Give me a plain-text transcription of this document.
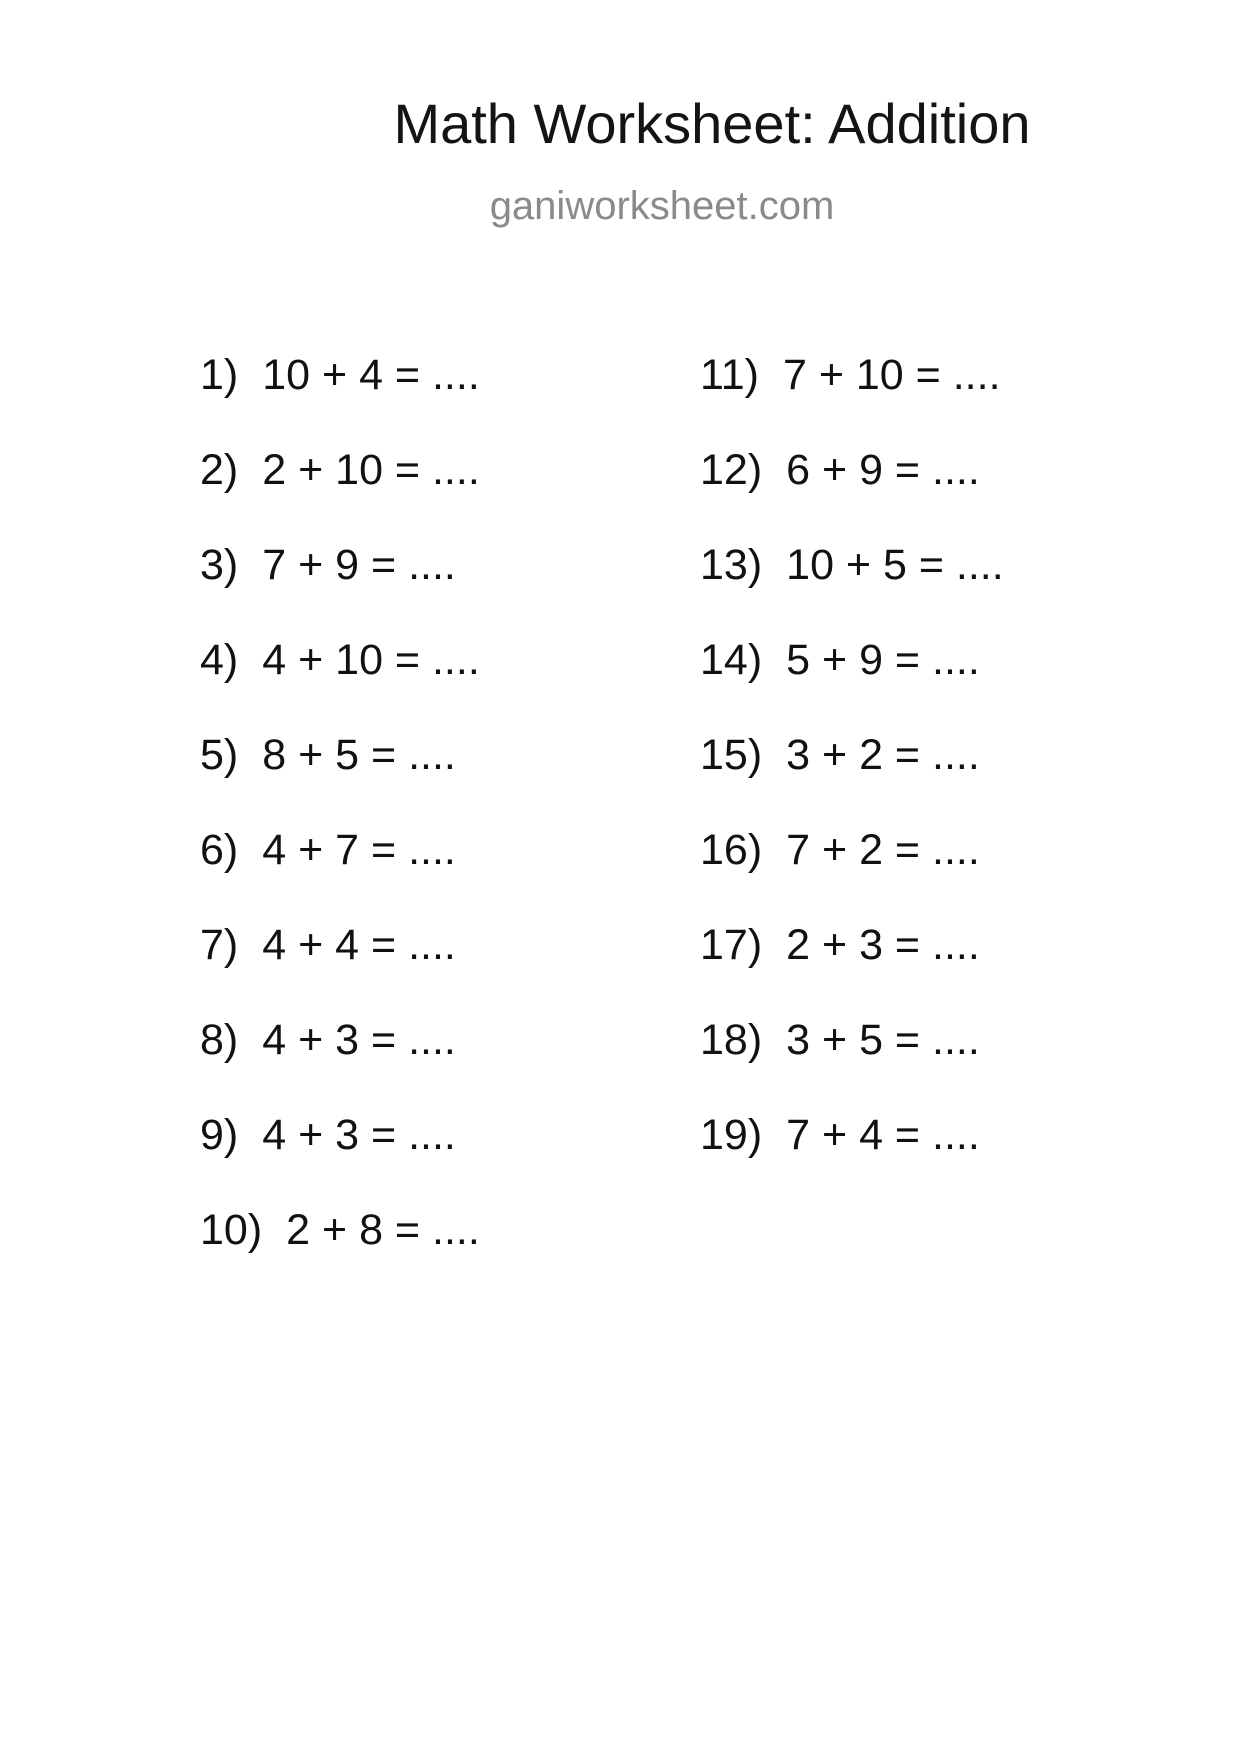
Math Worksheet: Addition
ganiworksheet.com
1) 10 + 4 = ....
2) 2 + 10 = ....
3) 7 + 9 = ....
4) 4 + 10 = ....
5) 8 + 5 = ....
6) 4 + 7 = ....
7) 4 + 4 = ....
8) 4 + 3 = ....
9) 4 + 3 = ....
10) 2 + 8 = ....
11) 7 + 10 = ....
12) 6 + 9 = ....
13) 10 + 5 = ....
14) 5 + 9 = ....
15) 3 + 2 = ....
16) 7 + 2 = ....
17) 2 + 3 = ....
18) 3 + 5 = ....
19) 7 + 4 = ....
